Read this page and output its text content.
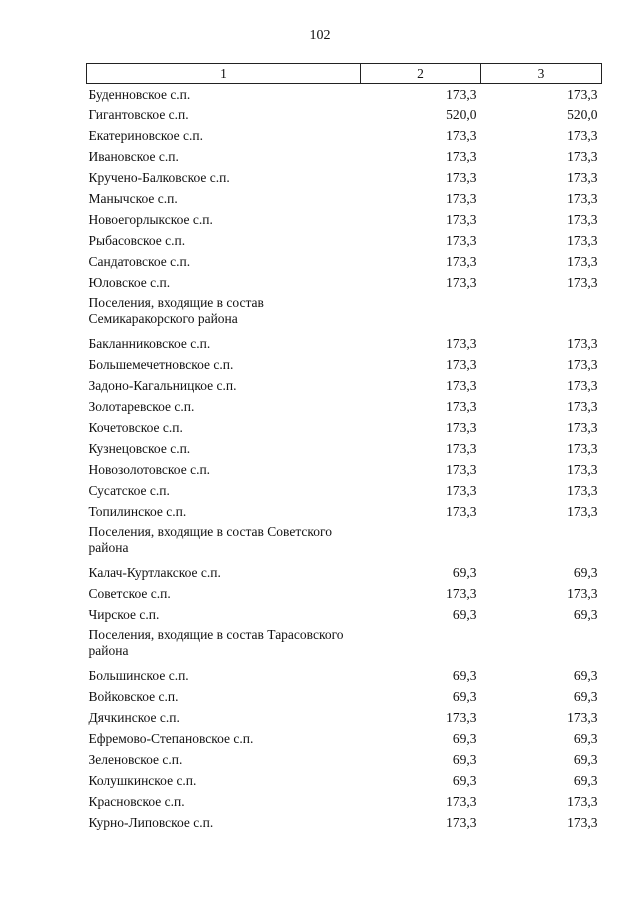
102
1	2	3
Буденновское с.п.	173,3	173,3
Гигантовское с.п.	520,0	520,0
Екатериновское с.п.	173,3	173,3
Ивановское с.п.	173,3	173,3
Кручено-Балковское с.п.	173,3	173,3
Манычское с.п.	173,3	173,3
Новоегорлыкское с.п.	173,3	173,3
Рыбасовское с.п.	173,3	173,3
Сандатовское с.п.	173,3	173,3
Юловское с.п.	173,3	173,3
Поселения, входящие в состав Семикаракорского района		
Бакланниковское с.п.	173,3	173,3
Большемечетновское с.п.	173,3	173,3
Задоно-Кагальницкое с.п.	173,3	173,3
Золотаревское с.п.	173,3	173,3
Кочетовское с.п.	173,3	173,3
Кузнецовское с.п.	173,3	173,3
Новозолотовское с.п.	173,3	173,3
Сусатское с.п.	173,3	173,3
Топилинское с.п.	173,3	173,3
Поселения, входящие в состав Советского района		
Калач-Куртлакское с.п.	69,3	69,3
Советское с.п.	173,3	173,3
Чирское с.п.	69,3	69,3
Поселения, входящие в состав Тарасовского района		
Большинское с.п.	69,3	69,3
Войковское с.п.	69,3	69,3
Дячкинское с.п.	173,3	173,3
Ефремово-Степановское с.п.	69,3	69,3
Зеленовское с.п.	69,3	69,3
Колушкинское с.п.	69,3	69,3
Красновское с.п.	173,3	173,3
Курно-Липовское с.п.	173,3	173,3
